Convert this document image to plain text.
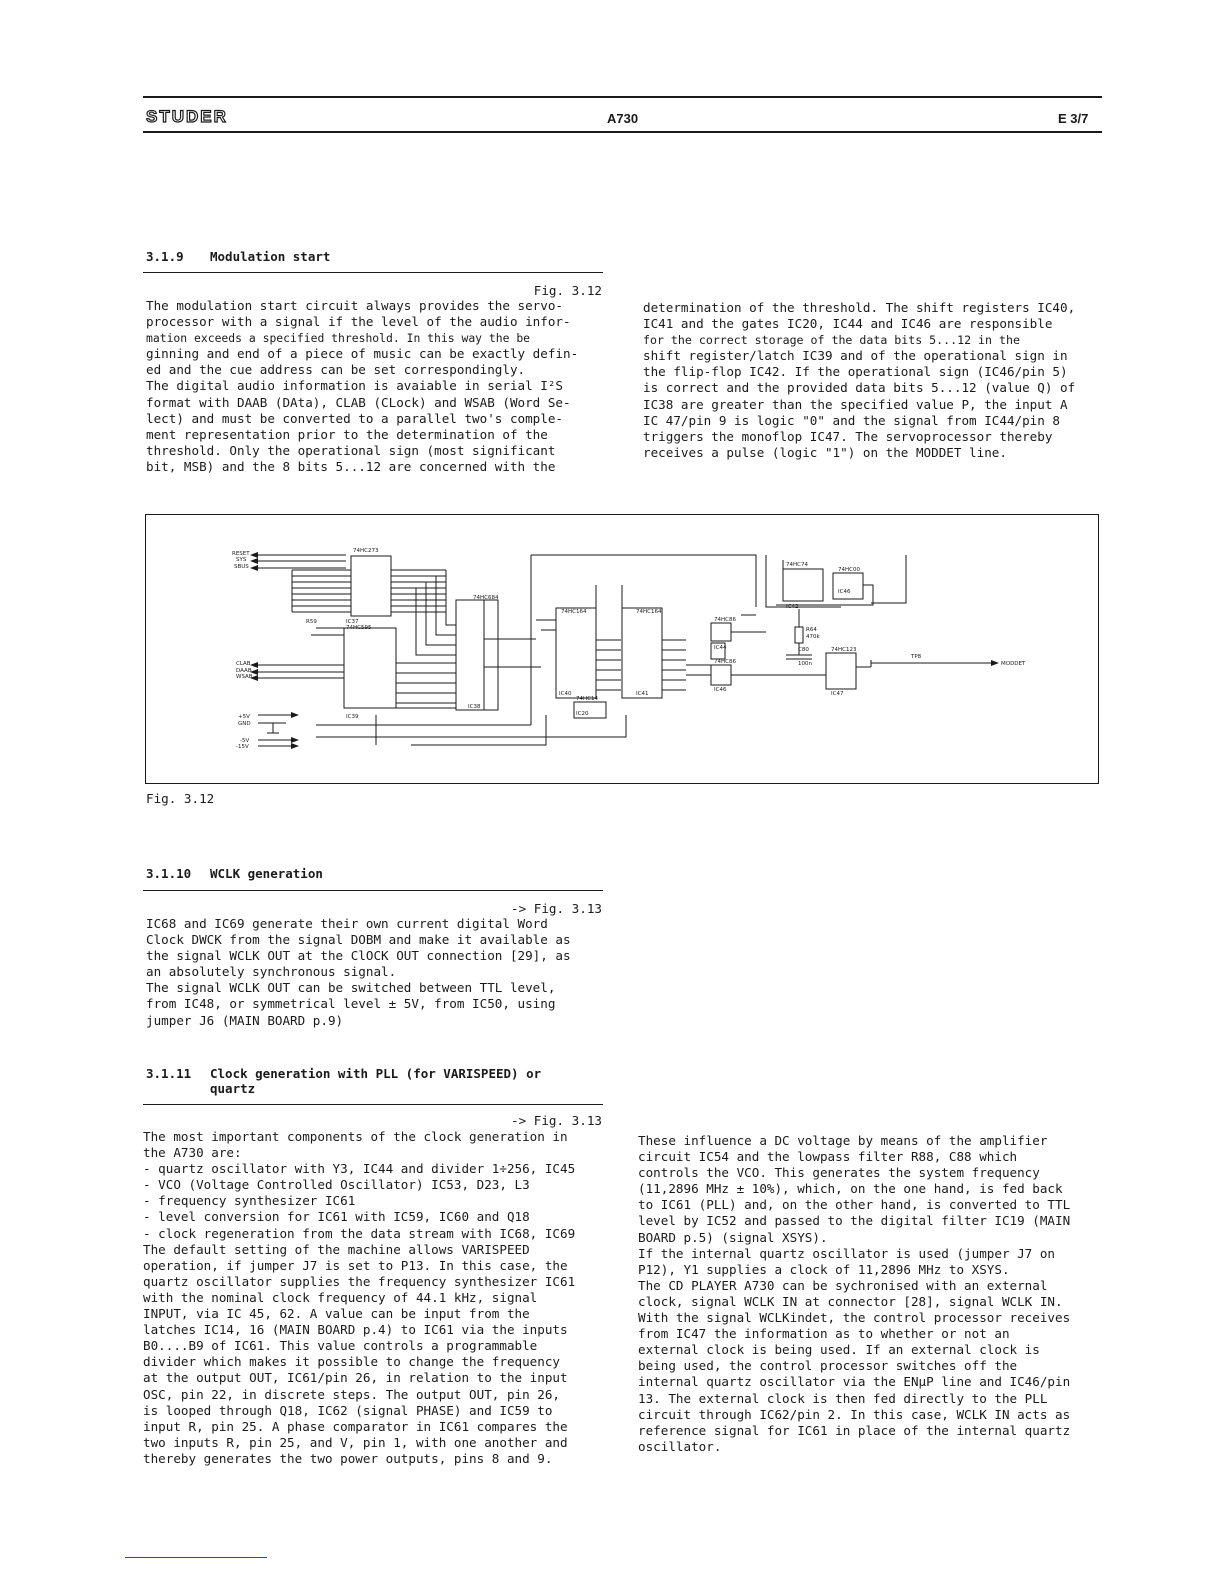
STUDER	A730	E 3/7
3.1.9 Modulation start
Fig. 3.12
The modulation start circuit always provides the servo-
processor with a signal if the level of the audio infor-
mation exceeds a specified threshold. In this way the be
ginning and end of a piece of music can be exactly defin-
ed and the cue address can be set correspondingly.
The digital audio information is avaiable in serial I²S
format with DAAB (DAta), CLAB (CLock) and WSAB (Word Se-
lect) and must be converted to a parallel two's comple-
ment representation prior to the determination of the
threshold. Only the operational sign (most significant
bit, MSB) and the 8 bits 5...12 are concerned with the
determination of the threshold. The shift registers IC40,
IC41 and the gates IC20, IC44 and IC46 are responsible
for the correct storage of the data bits 5...12 in the
shift register/latch IC39 and of the operational sign in
the flip-flop IC42. If the operational sign (IC46/pin 5)
is correct and the provided data bits 5...12 (value Q) of
IC38 are greater than the specified value P, the input A
IC 47/pin 9 is logic "0" and the signal from IC44/pin 8
triggers the monoflop IC47. The servoprocessor thereby
receives a pulse (logic "1") on the MODDET line.
RESET
SYS
SBUS
CLAB
DAAB
WSAB
+5V
GND
-5V
-15V
74HC273
IC37
74HC595
IC39
74HC684
IC38
74HC164
IC40
74HC164
IC41
74HC86
IC44
74HC86
IC46
74HC74
IC42
74HC14
IC20
74HC123
IC47
74HC00
IC46
R59
R64
470k
C80
100n
TP8
MODDET
Fig. 3.12
3.1.10 WCLK generation
-> Fig. 3.13
IC68 and IC69 generate their own current digital Word
Clock DWCK from the signal DOBM and make it available as
the signal WCLK OUT at the ClOCK OUT connection [29], as
an absolutely synchronous signal.
The signal WCLK OUT can be switched between TTL level,
from IC48, or symmetrical level ± 5V, from IC50, using
jumper J6 (MAIN BOARD p.9)
3.1.11 Clock generation with PLL (for VARISPEED) or
quartz
-> Fig. 3.13
The most important components of the clock generation in
the A730 are:
- quartz oscillator with Y3, IC44 and divider 1÷256, IC45
- VCO (Voltage Controlled Oscillator) IC53, D23, L3
- frequency synthesizer IC61
- level conversion for IC61 with IC59, IC60 and Q18
- clock regeneration from the data stream with IC68, IC69
The default setting of the machine allows VARISPEED
operation, if jumper J7 is set to P13. In this case, the
quartz oscillator supplies the frequency synthesizer IC61
with the nominal clock frequency of 44.1 kHz, signal
INPUT, via IC 45, 62. A value can be input from the
latches IC14, 16 (MAIN BOARD p.4) to IC61 via the inputs
B0....B9 of IC61. This value controls a programmable
divider which makes it possible to change the frequency
at the output OUT, IC61/pin 26, in relation to the input
OSC, pin 22, in discrete steps. The output OUT, pin 26,
is looped through Q18, IC62 (signal PHASE) and IC59 to
input R, pin 25. A phase comparator in IC61 compares the
two inputs R, pin 25, and V, pin 1, with one another and
thereby generates the two power outputs, pins 8 and 9.
These influence a DC voltage by means of the amplifier
circuit IC54 and the lowpass filter R88, C88 which
controls the VCO. This generates the system frequency
(11,2896 MHz ± 10%), which, on the one hand, is fed back
to IC61 (PLL) and, on the other hand, is converted to TTL
level by IC52 and passed to the digital filter IC19 (MAIN
BOARD p.5) (signal XSYS).
If the internal quartz oscillator is used (jumper J7 on
P12), Y1 supplies a clock of 11,2896 MHz to XSYS.
The CD PLAYER A730 can be sychronised with an external
clock, signal WCLK IN at connector [28], signal WCLK IN.
With the signal WCLKindet, the control processor receives
from IC47 the information as to whether or not an
external clock is being used. If an external clock is
being used, the control processor switches off the
internal quartz oscillator via the ENµP line and IC46/pin
13. The external clock is then fed directly to the PLL
circuit through IC62/pin 2. In this case, WCLK IN acts as
reference signal for IC61 in place of the internal quartz
oscillator.
